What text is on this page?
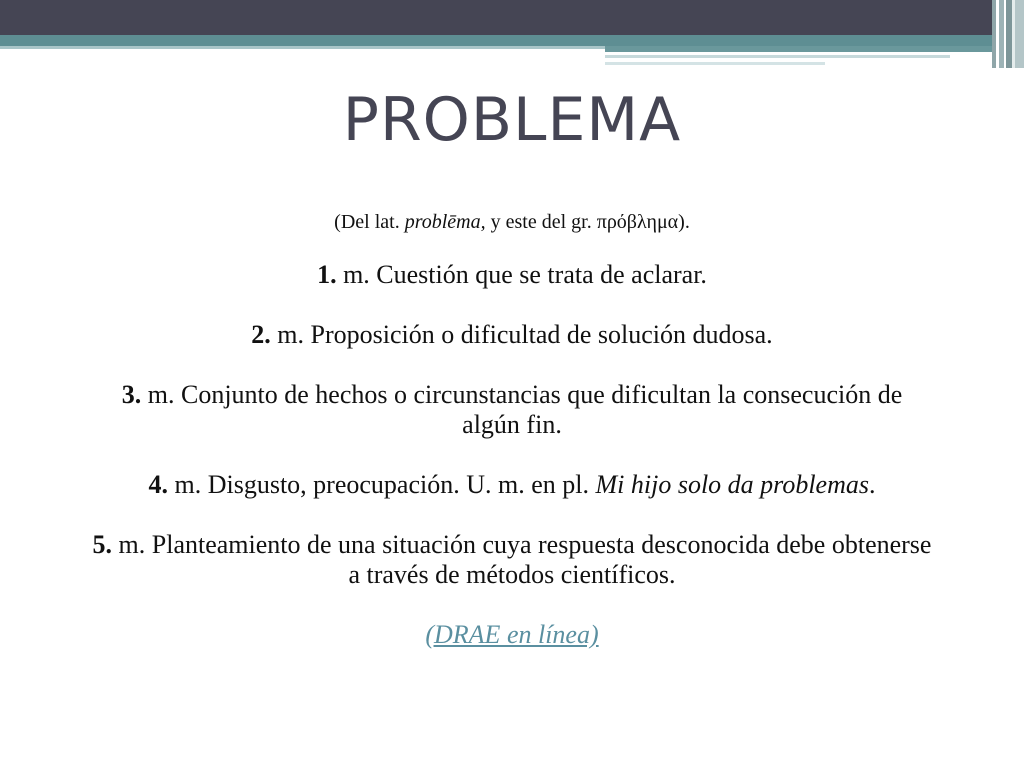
PROBLEMA

(Del lat. problēma, y este del gr. πρόβλημα).

1. m. Cuestión que se trata de aclarar.

2. m. Proposición o dificultad de solución dudosa.

3. m. Conjunto de hechos o circunstancias que dificultan la consecución de algún fin.

4. m. Disgusto, preocupación. U. m. en pl. Mi hijo solo da problemas.

5. m. Planteamiento de una situación cuya respuesta desconocida debe obtenerse a través de métodos científicos.

(DRAE en línea)
